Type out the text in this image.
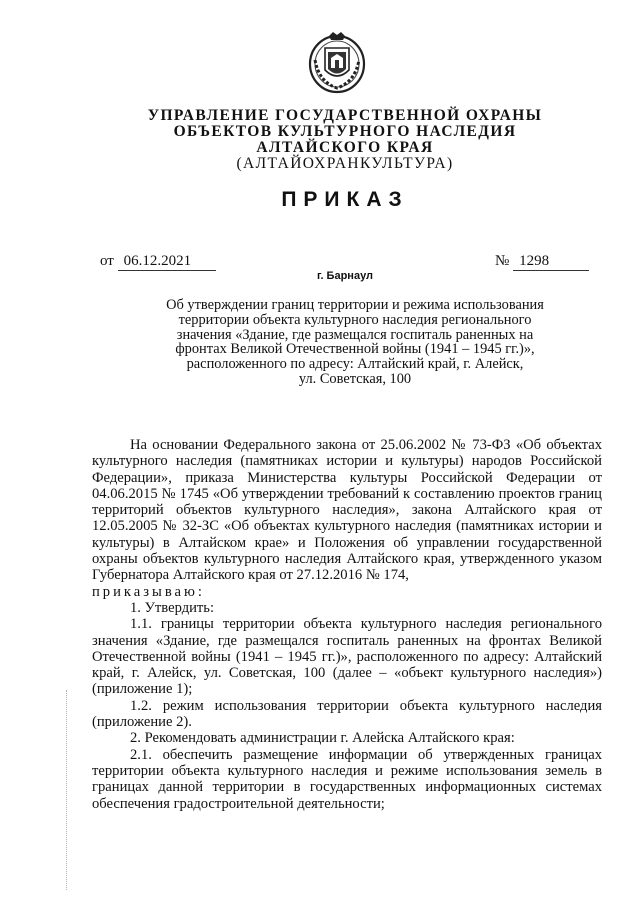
УПРАВЛЕНИЕ ГОСУДАРСТВЕННОЙ ОХРАНЫ
ОБЪЕКТОВ КУЛЬТУРНОГО НАСЛЕДИЯ
АЛТАЙСКОГО КРАЯ
(АЛТАЙОХРАНКУЛЬТУРА)
ПРИКАЗ
от 06.12.2021	№ 1298
г. Барнаул
Об утверждении границ территории и режима использования
территории объекта культурного наследия регионального
значения «Здание, где размещался госпиталь раненных на
фронтах Великой Отечественной войны (1941 – 1945 гг.)»,
расположенного по адресу: Алтайский край, г. Алейск,
ул. Советская, 100

На основании Федерального закона от 25.06.2002 № 73-ФЗ «Об объектах культурного наследия (памятниках истории и культуры) народов Российской Федерации», приказа Министерства культуры Российской Федерации от 04.06.2015 № 1745 «Об утверждении требований к составлению проектов границ территорий объектов культурного наследия», закона Алтайского края от 12.05.2005 № 32-ЗС «Об объектах культурного наследия (памятниках истории и культуры) в Алтайском крае» и Положения об управлении государственной охраны объектов культурного наследия Алтайского края, утвержденного указом Губернатора Алтайского края от 27.12.2016 № 174,
приказываю:

1. Утвердить:

1.1. границы территории объекта культурного наследия регионального значения «Здание, где размещался госпиталь раненных на фронтах Великой Отечественной войны (1941 – 1945 гг.)», расположенного по адресу: Алтайский край, г. Алейск, ул. Советская, 100 (далее – «объект культурного наследия») (приложение 1);

1.2. режим использования территории объекта культурного наследия (приложение 2).

2. Рекомендовать администрации г. Алейска Алтайского края:

2.1. обеспечить размещение информации об утвержденных границах территории объекта культурного наследия и режиме использования земель в границах данной территории в государственных информационных системах обеспечения градостроительной деятельности;
